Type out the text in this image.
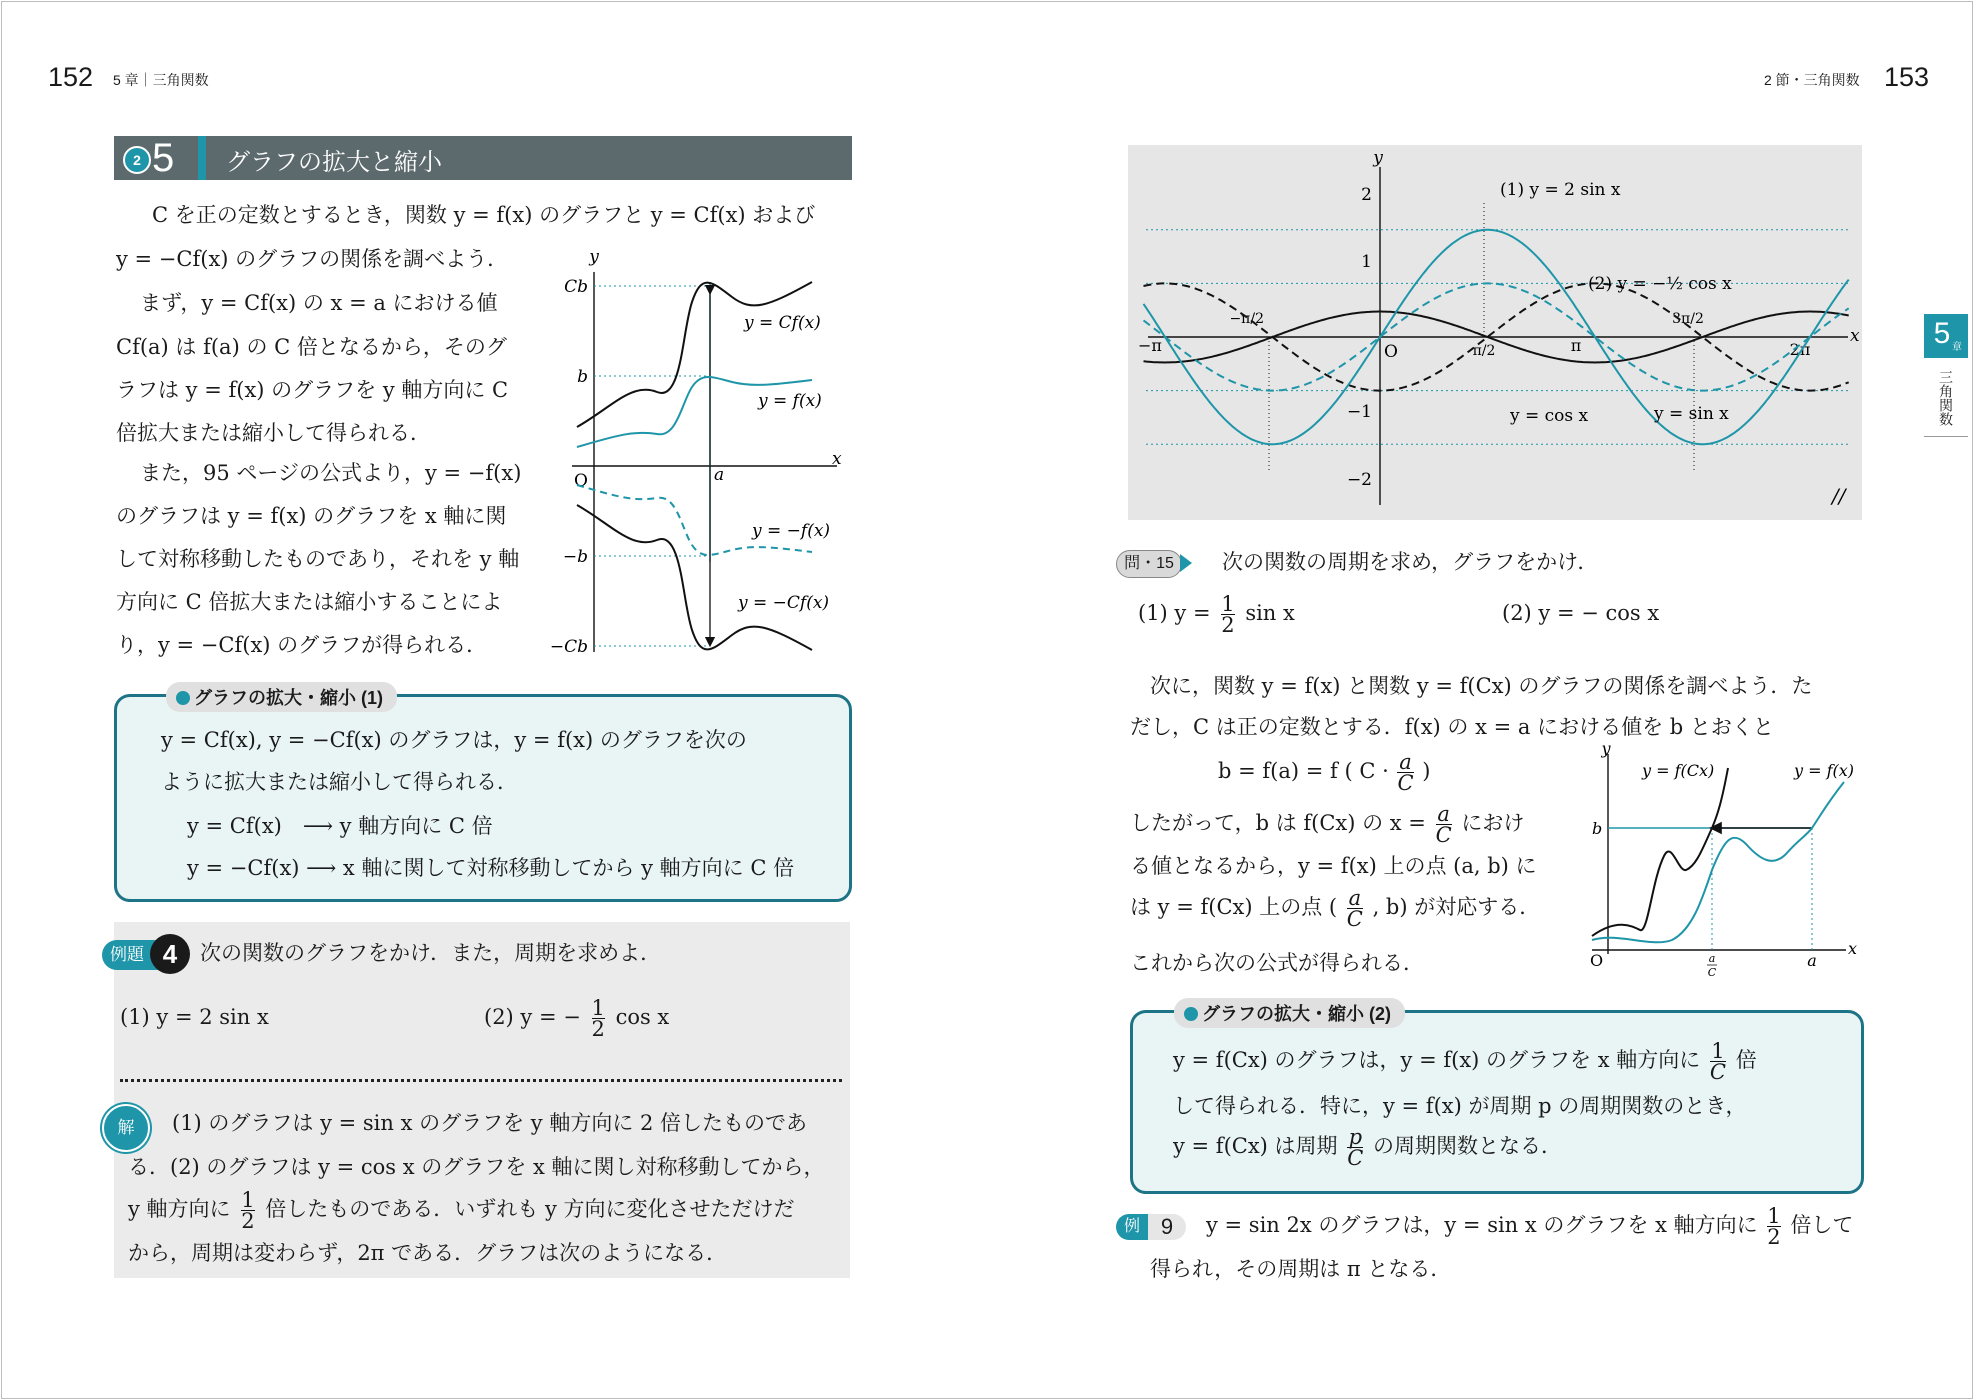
152 5 章｜三角関数
2 5 グラフの拡大と縮小
C を正の定数とするとき，関数 y = f(x) のグラフと y = Cf(x) および
y = −Cf(x) のグラフの関係を調べよう．
まず，y = Cf(x) の x = a における値
Cf(a) は f(a) の C 倍となるから，そのグ
ラフは y = f(x) のグラフを y 軸方向に C
倍拡大または縮小して得られる．
また，95 ページの公式より，y = −f(x)
のグラフは y = f(x) のグラフを x 軸に関
して対称移動したものであり，それを y 軸
方向に C 倍拡大または縮小することによ
り，y = −Cf(x) のグラフが得られる．
y
x
O	a
Cb
b
−b
−Cb
y = Cf(x)
y = f(x)
y = −f(x)
y = −Cf(x)
y = Cf(x), y = −Cf(x) のグラフは，y = f(x) のグラフを次の
ように拡大または縮小して得られる．
y = Cf(x)　⟶ y 軸方向に C 倍
y = −Cf(x) ⟶ x 軸に関して対称移動してから y 軸方向に C 倍
グラフの拡大・縮小 (1)
例題 4	次の関数のグラフをかけ．また，周期を求めよ．
(1) y = 2 sin x	(2) y = − $\frac{1}{2}$ cos x
解	(1) のグラフは y = sin x のグラフを y 軸方向に 2 倍したものであ
る．(2) のグラフは y = cos x のグラフを x 軸に関し対称移動してから，
y 軸方向に $\frac{1}{2}$ 倍したものである．いずれも y 方向に変化させただけだ
から，周期は変わらず，2π である．グラフは次のようになる．
2 節・三角関数 153
5 章
三角関数
y
x
O
2
1
−1
−2
−π
−π/2
π/2	π
3π/2
2π
(1) y = 2 sin x
(2) y = −½ cos x
y = cos x	y = sin x
//
問・15	次の関数の周期を求め，グラフをかけ．
(1) $y = \frac{1}{2}$ sin x	(2) y = − cos x
次に，関数 y = f(x) と関数 y = f(Cx) のグラフの関係を調べよう．た
だし，C は正の定数とする．f(x) の x = a における値を b とおくと
b = f(a) = f ( $C \cdot \frac{a}{C}$ )
したがって，b は f(Cx) の $x = \frac{a}{C}$ におけ
る値となるから，y = f(x) 上の点 (a, b) に
は y = f(Cx) 上の点 ( $\frac{a}{C}$ , b) が対応する．
これから次の公式が得られる．
y
x
O
b
a
a
C
y = f(Cx)	y = f(x)
y = f(Cx) のグラフは，y = f(x) のグラフを x 軸方向に $\frac{1}{C}$ 倍
して得られる．特に，y = f(x) が周期 p の周期関数のとき，
y = f(Cx) は周期 $\frac{p}{C}$ の周期関数となる．
グラフの拡大・縮小 (2)
例 9	y = sin 2x のグラフは，y = sin x のグラフを x 軸方向に $\frac{1}{2}$ 倍して
得られ，その周期は π となる．
